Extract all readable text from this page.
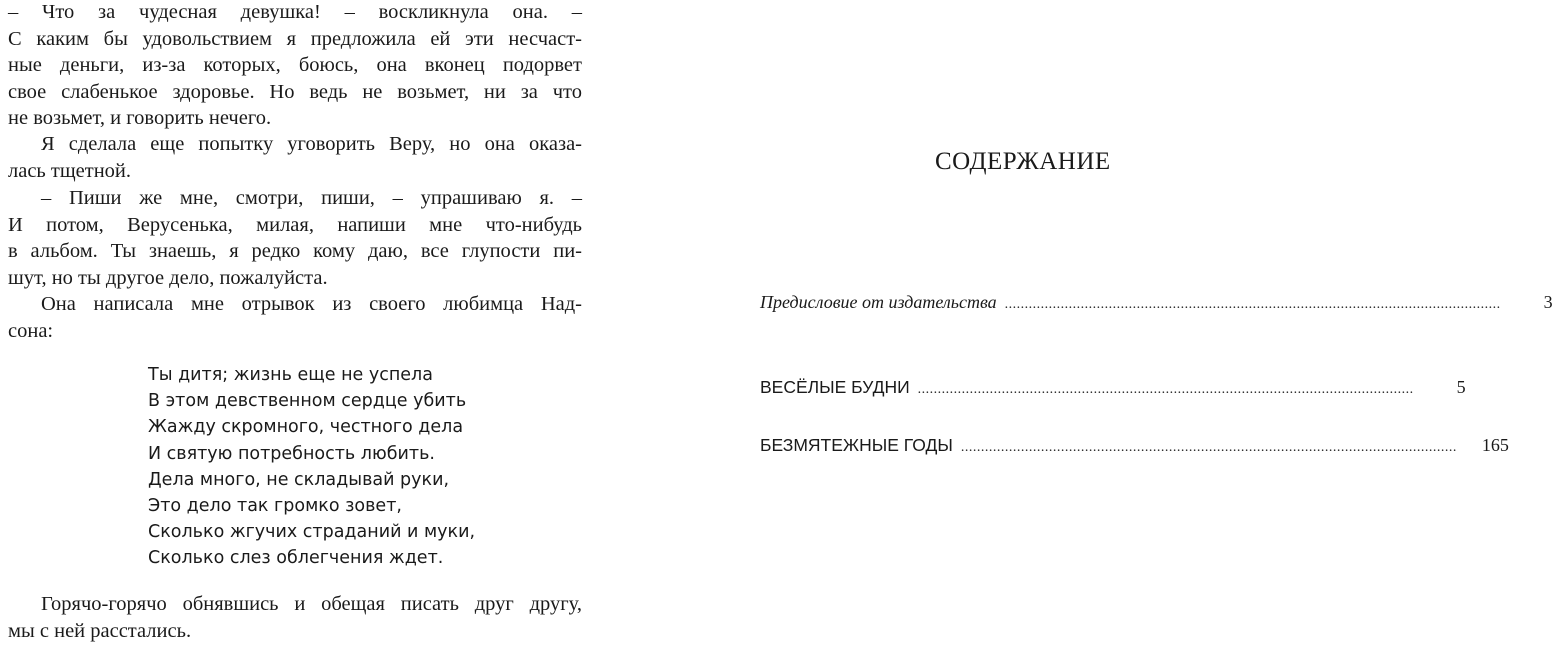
– Что за чудесная девушка! – воскликнула она. –
С каким бы удовольствием я предложила ей эти несчаст-
ные деньги, из-за которых, боюсь, она вконец подорвет
свое слабенькое здоровье. Но ведь не возьмет, ни за что
не возьмет, и говорить нечего.

Я сделала еще попытку уговорить Веру, но она оказа-
лась тщетной.

– Пиши же мне, смотри, пиши, – упрашиваю я. –
И потом, Верусенька, милая, напиши мне что-нибудь
в альбом. Ты знаешь, я редко кому даю, все глупости пи-
шут, но ты другое дело, пожалуйста.

Она написала мне отрывок из своего любимца Над-
сона:

Ты дитя; жизнь еще не успела
В этом девственном сердце убить
Жажду скромного, честного дела
И святую потребность любить.
Дела много, не складывай руки,
Это дело так громко зовет,
Сколько жгучих страданий и муки,
Сколько слез облегчения ждет.

Горячо-горячо обнявшись и обещая писать друг другу,
мы с ней расстались.

СОДЕРЖАНИЕ
Предисловие от издательства ............................................................................................................................	3
ВЕСЁЛЫЕ БУДНИ ............................................................................................................................	5
БЕЗМЯТЕЖНЫЕ ГОДЫ ............................................................................................................................	165
